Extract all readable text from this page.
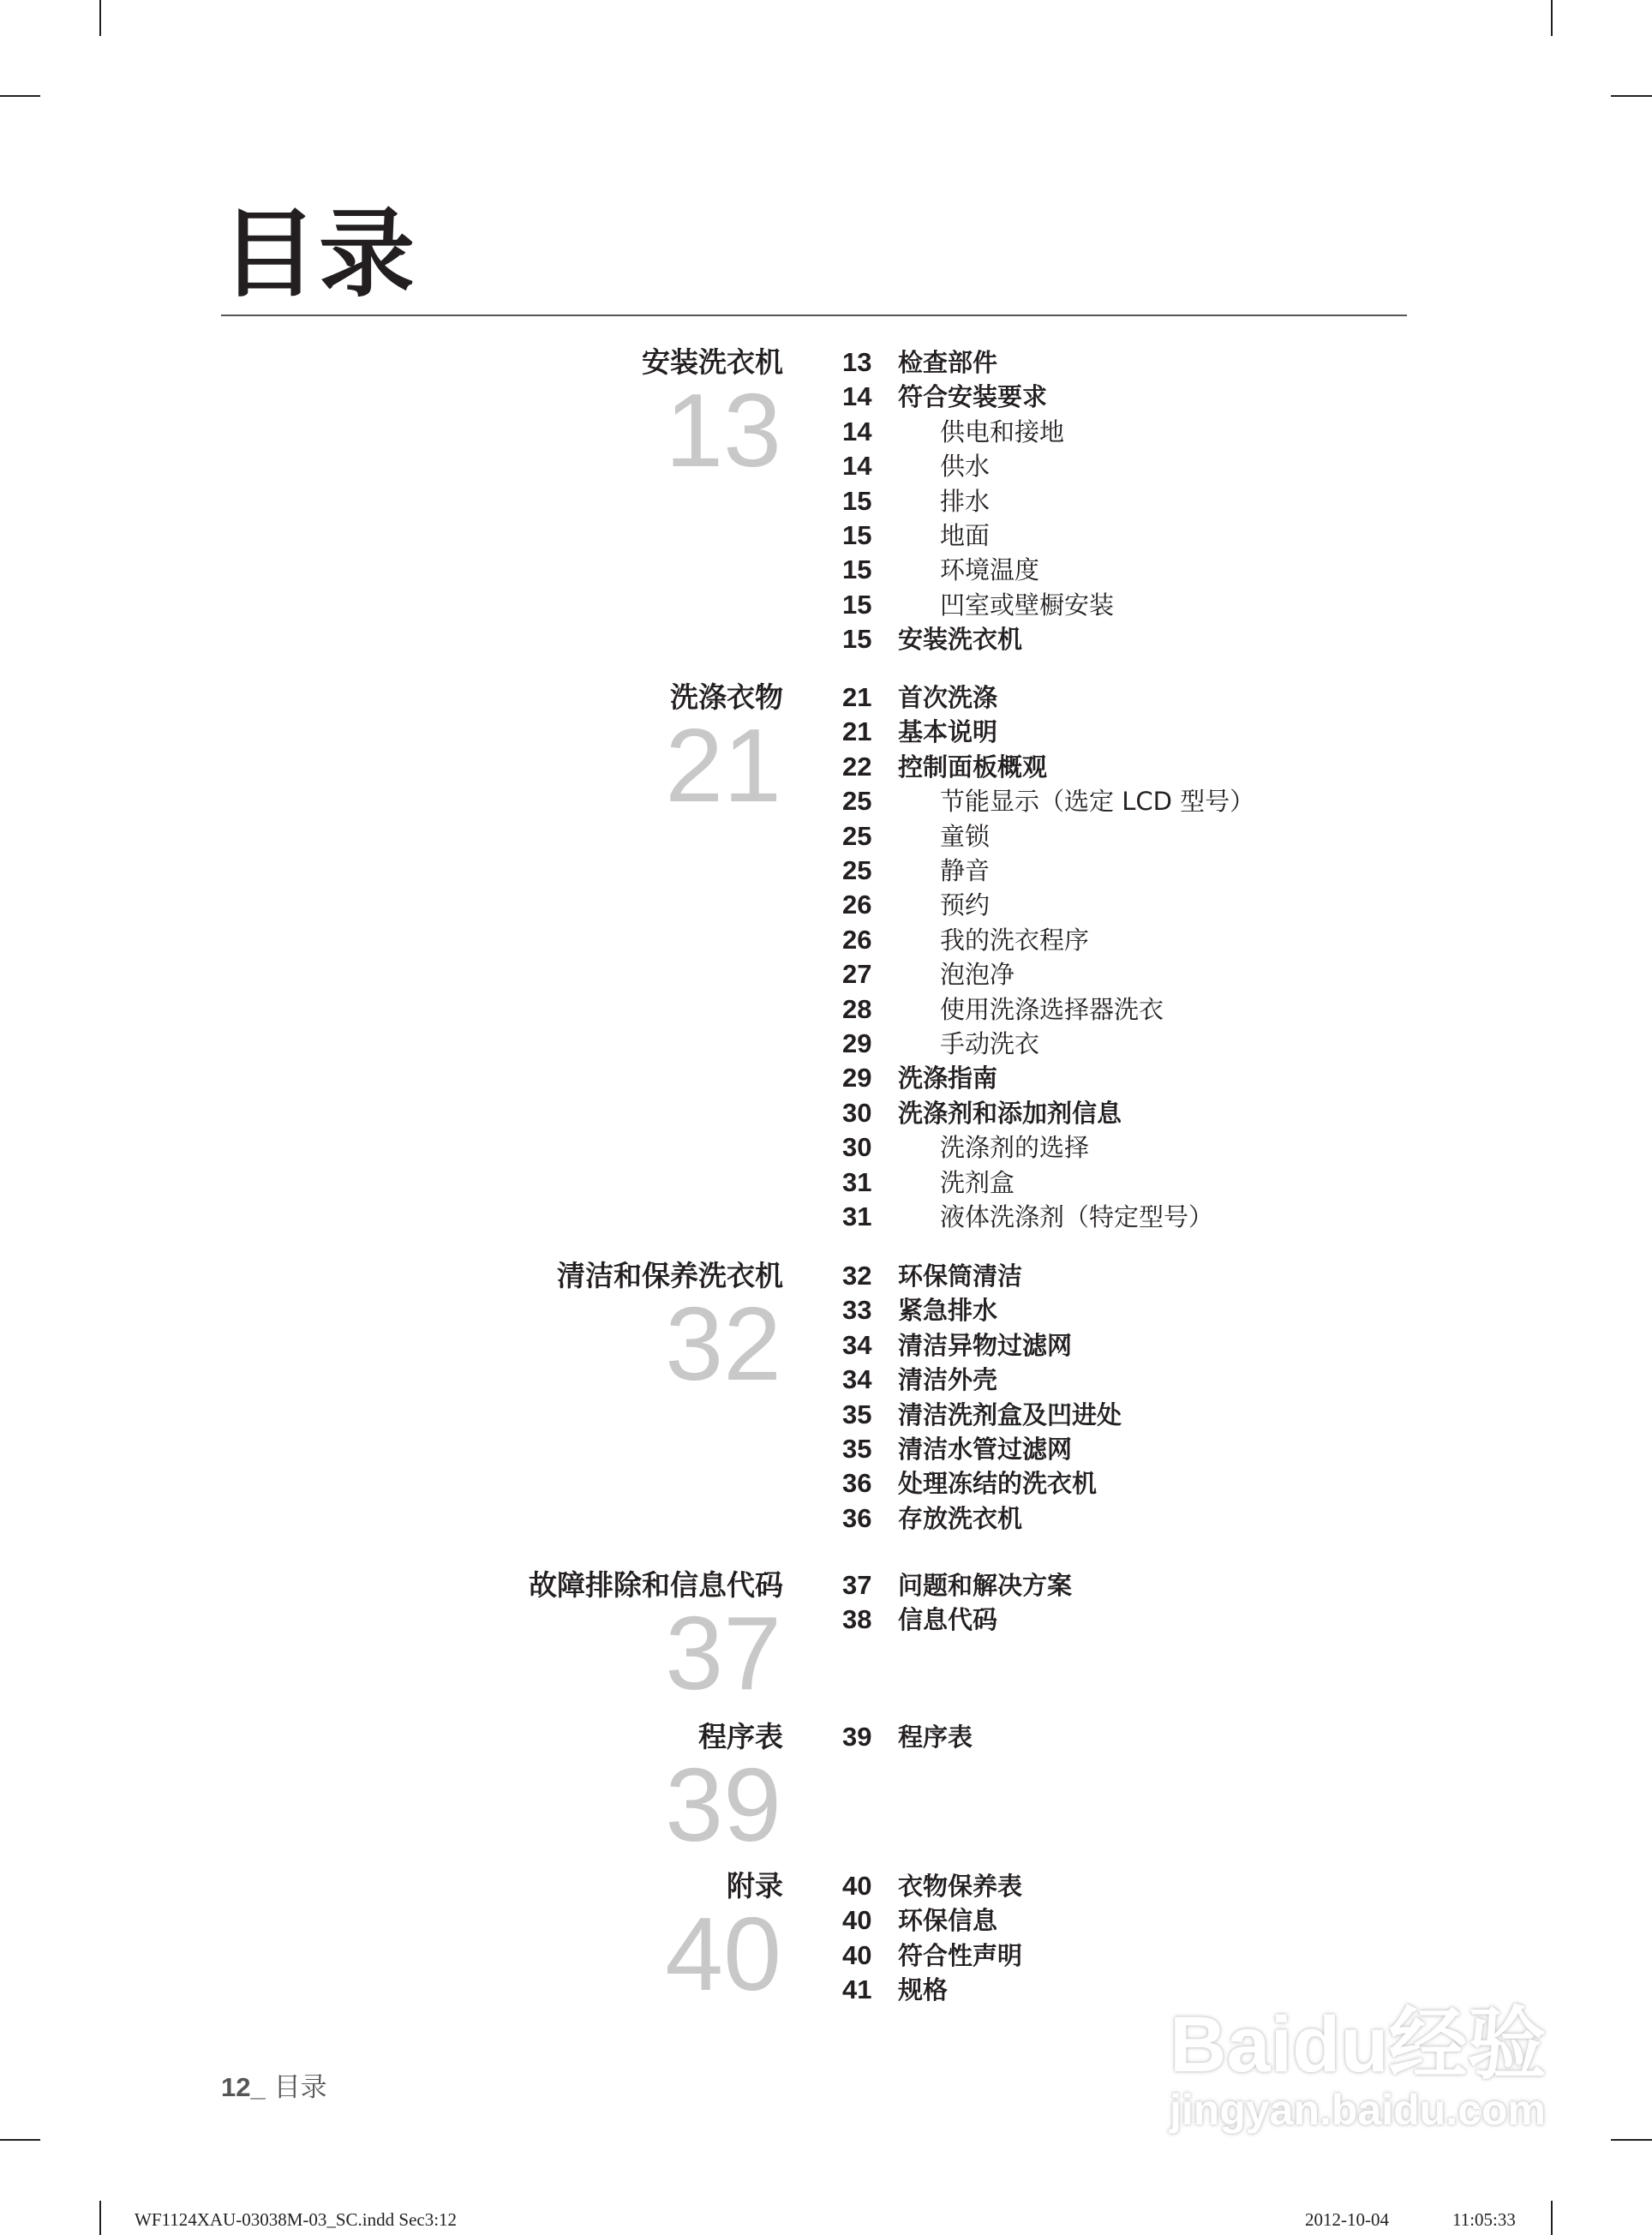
目录
安装洗衣机
13
13 检查部件
14 符合安装要求
14	供电和接地
14	供水
15	排水
15	地面
15	环境温度
15	凹室或壁橱安装
15 安装洗衣机
洗涤衣物
21
21 首次洗涤
21 基本说明
22 控制面板概观
25	节能显示（选定 LCD 型号）
25	童锁
25	静音
26	预约
26	我的洗衣程序
27	泡泡净
28	使用洗涤选择器洗衣
29	手动洗衣
29 洗涤指南
30 洗涤剂和添加剂信息
30	洗涤剂的选择
31	洗剂盒
31	液体洗涤剂（特定型号）
清洁和保养洗衣机
32
32 环保筒清洁
33 紧急排水
34 清洁异物过滤网
34 清洁外壳
35 清洁洗剂盒及凹进处
35 清洁水管过滤网
36 处理冻结的洗衣机
36 存放洗衣机
故障排除和信息代码
37
37 问题和解决方案
38 信息代码
程序表
39
39 程序表
附录
40
40 衣物保养表
40 环保信息
40 符合性声明
41 规格
12_ 目录	Baidu经验
jingyan.baidu.com
WF1124XAU-03038M-03_SC.indd Sec3:12	2012-10-04	11:05:33
